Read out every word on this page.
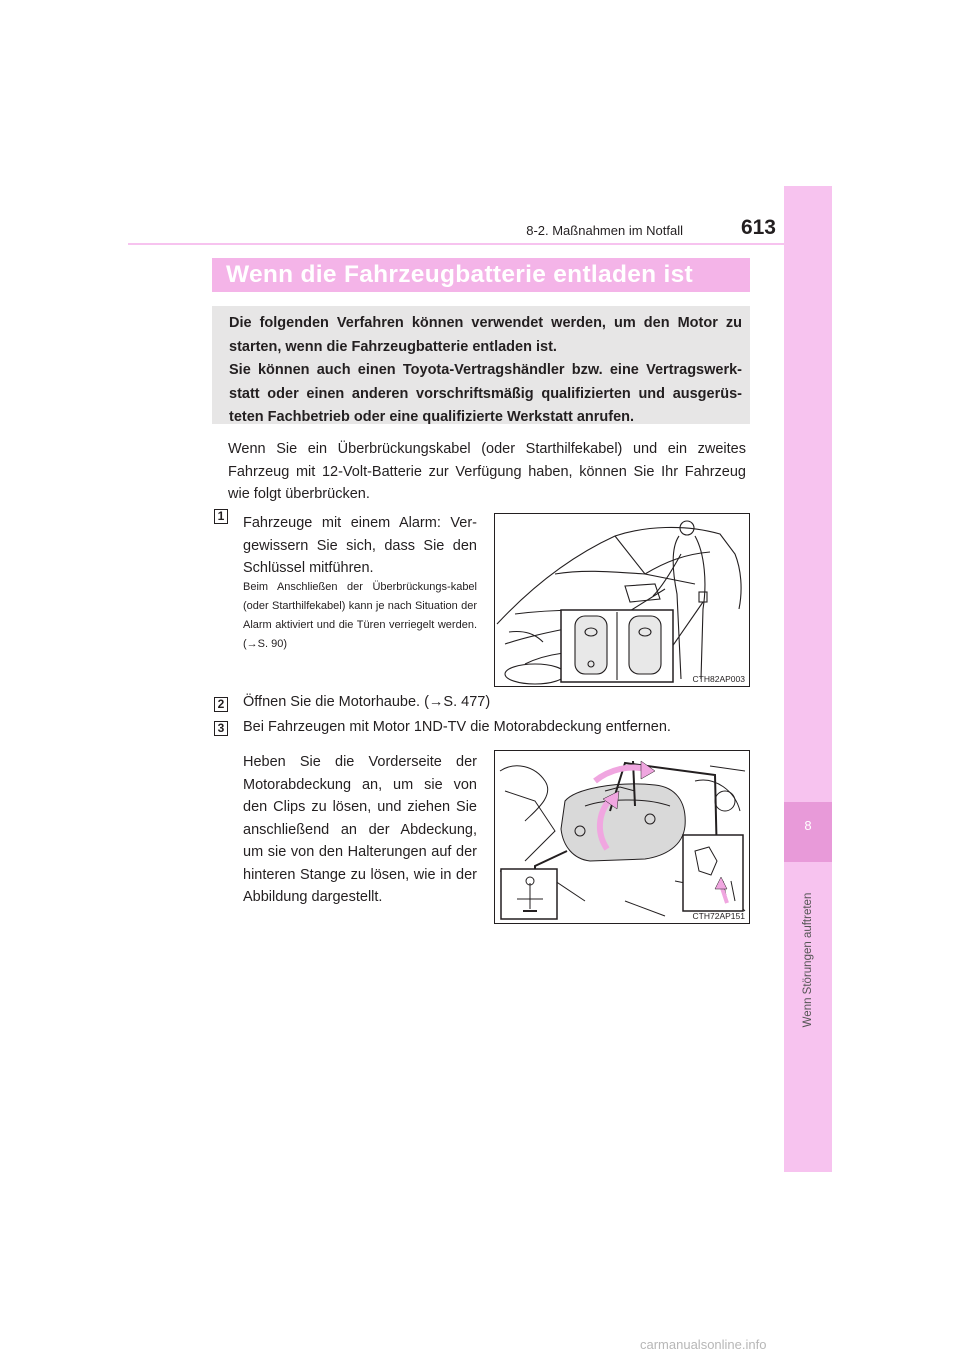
8-2. Maßnahmen im Notfall	613
8
Wenn Störungen auftreten
Wenn die Fahrzeugbatterie entladen ist

Die folgenden Verfahren können verwendet werden, um den Motor zu starten, wenn die Fahrzeugbatterie entladen ist.

Sie können auch einen Toyota-Vertragshändler bzw. eine Vertragswerk-statt oder einen anderen vorschriftsmäßig qualifizierten und ausgerüs-teten Fachbetrieb oder eine qualifizierte Werkstatt anrufen.

Wenn Sie ein Überbrückungskabel (oder Starthilfekabel) und ein zweites Fahrzeug mit 12-Volt-Batterie zur Verfügung haben, können Sie Ihr Fahrzeug wie folgt überbrücken.
1 Fahrzeuge mit einem Alarm: Ver-gewissern Sie sich, dass Sie den Schlüssel mitführen.
Beim Anschließen der Überbrückungs-kabel (oder Starthilfekabel) kann je nach Situation der Alarm aktiviert und die Türen verriegelt werden. (→S. 90)
CTH82AP003
2 Öffnen Sie die Motorhaube. (→S. 477)
3 Bei Fahrzeugen mit Motor 1ND-TV die Motorabdeckung entfernen.
Heben Sie die Vorderseite der Motorabdeckung an, um sie von den Clips zu lösen, und ziehen Sie anschließend an der Abdeckung, um sie von den Halterungen auf der hinteren Stange zu lösen, wie in der Abbildung dargestellt.
CTH72AP151
carmanualsonline.info
